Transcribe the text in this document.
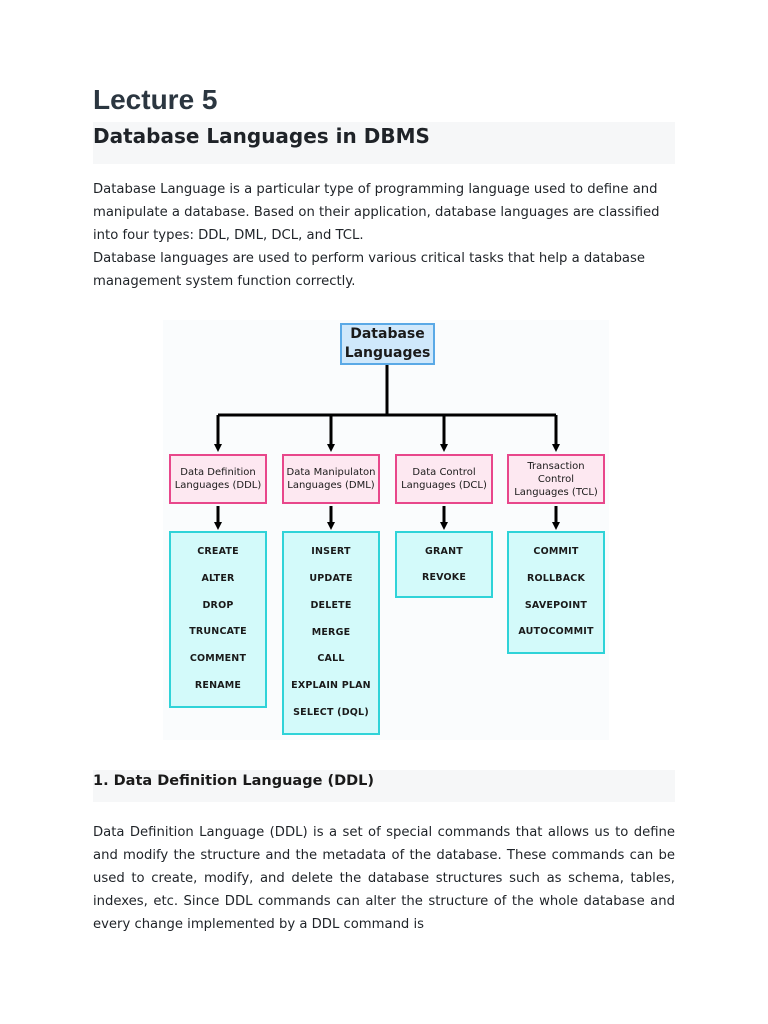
Lecture 5
Database Languages in DBMS

Database Language is a particular type of programming language used to define and manipulate a database. Based on their application, database languages are classified into four types: DDL, DML, DCL, and TCL.

Database languages are used to perform various critical tasks that help a database management system function correctly.

Database Languages
Data Definition Languages (DDL)
Data Manipulaton Languages (DML)
Data Control Languages (DCL)
Transaction Control Languages (TCL)
CREATE
ALTER
DROP
TRUNCATE
COMMENT
RENAME
INSERT
UPDATE
DELETE
MERGE
CALL
EXPLAIN PLAN
SELECT (DQL)
GRANT
REVOKE
COMMIT
ROLLBACK
SAVEPOINT
AUTOCOMMIT
1. Data Definition Language (DDL)

Data Definition Language (DDL) is a set of special commands that allows us to define and modify the structure and the metadata of the database. These commands can be used to create, modify, and delete the database structures such as schema, tables, indexes, etc. Since DDL commands can alter the structure of the whole database and every change implemented by a DDL command is
